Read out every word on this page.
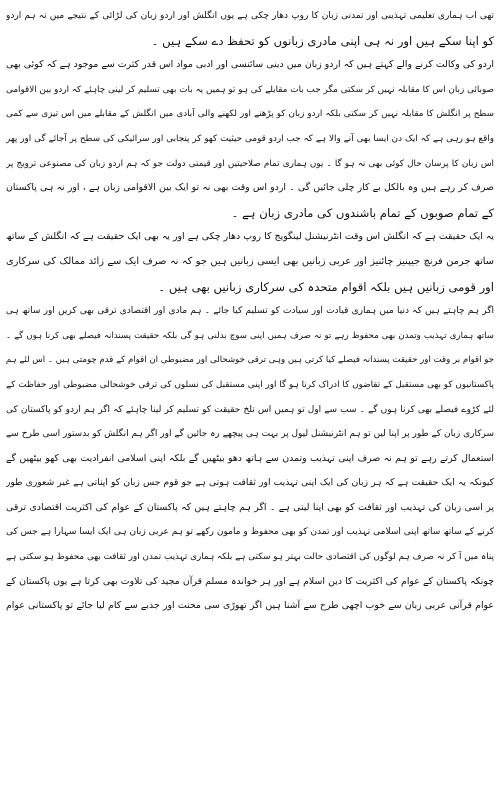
تھی اب ہماری تعلیمی تہذیبی اور تمدنی زبان کا روپ دھار چکی ہے یوں انگلش اور اردو زبان کی لڑائی کے نتیجے میں نہ ہم اردو
کو اپنا سکے ہیں اور نہ ہی اپنی مادری زبانوں کو تحفظ دے سکے ہیں ۔
اردو کی وکالت کرنے والے کہتے ہیں کہ اردو زبان میں دینی سائنسی اور ادبی مواد اس قدر کثرت سے موجود ہے کہ کوئی بھی
صوبائی زبان اس کا مقابلہ نہیں کر سکتی مگر جب بات مقابلے کی ہو تو ہمیں یہ بات بھی تسلیم کر لینی چاہئے کہ اردو بین الاقوامی
سطح پر انگلش کا مقابلہ نہیں کر سکتی بلکہ اردو زبان کو پڑھنے اور لکھنے والی آبادی میں انگلش کے مقابلے میں اس تیزی سے کمی
واقع ہو رہی ہے کہ ایک دن ایسا بھی آنے والا ہے کہ جب اردو قومی حیثیت کھو کر پنجابی اور سرائیکی کی سطح پر آجائے گی اور پھر
اس زبان کا پرسان حال کوئی بھی نہ ہو گا ۔ یوں ہماری تمام صلاحیتیں اور قیمتی دولت جو کہ ہم اردو زبان کی مصنوعی ترویج پر
صرف کر رہے ہیں وہ بالکل بے کار چلی جائیں گی ۔ اردو اس وقت بھی نہ تو ایک بین الاقوامی زبان ہے ، اور نہ ہی پاکستان
کے تمام صوبوں کے تمام باشندوں کی مادری زبان ہے ۔
یہ ایک حقیقت ہے کہ انگلش اس وقت انٹرنیشنل لینگویج کا روپ دھار چکی ہے اور یہ بھی ایک حقیقت ہے کہ انگلش کے ساتھ
ساتھ جرمن فرنچ جیپنیز چائنیز اور عربی زبانیں بھی ایسی زبانیں ہیں جو کہ نہ صرف ایک سے زائد ممالک کی سرکاری
اور قومی زبانیں ہیں بلکہ اقوام متحدہ کی سرکاری زبانیں بھی ہیں ۔
اگر ہم چاہتے ہیں کہ دنیا میں ہماری قیادت اور سیادت کو تسلیم کیا جائے ۔ ہم مادی اور اقتصادی ترقی بھی کریں اور ساتھ ہی
ساتھ ہماری تہذیب وتمدن بھی محفوظ رہے تو نہ صرف ہمیں اپنی سوچ بدلنی ہو گی بلکہ حقیقت پسندانہ فیصلے بھی کرنا ہوں گے ۔
جو اقوام بر وقت اور حقیقت پسندانہ فیصلے کیا کرتی ہیں وہی ترقی خوشحالی اور مضبوطی ان اقوام کے قدم چومتی ہیں ۔ اس لئے ہم
پاکستانیوں کو بھی مستقبل کے تقاضوں کا ادراک کرنا ہو گا اور اپنی مستقبل کی نسلوں کی ترقی خوشحالی مضبوطی اور حفاظت کے
لئے کڑوے فیصلے بھی کرنا ہوں گے ۔ سب سے اول تو ہمیں اس تلخ حقیقت کو تسلیم کر لینا چاہئے کہ اگر ہم اردو کو پاکستان کی
سرکاری زبان کے طور پر اپنا لیں تو ہم انٹرنیشنل لیول پر بہت ہی پیچھے رہ جائیں گے اور اگر ہم انگلش کو بدستور اسی طرح سے
استعمال کرتے رہے تو ہم نہ صرف اپنی تہذیب وتمدن سے ہاتھ دھو بیٹھیں گے بلکہ اپنی اسلامی انفرادیت بھی کھو بیٹھیں گے
کیونکہ یہ ایک حقیقت ہے کہ ہر زبان کی ایک اپنی تہذیب اور ثقافت ہوتی ہے جو قوم جس زبان کو اپناتی ہے غیر شعوری طور
پر اسی زبان کی تہذیب اور ثقافت کو بھی اپنا لیتی ہے ۔ اگر ہم چاہتے ہیں کہ پاکستان کے عوام کی اکثریت اقتصادی ترقی
کرنے کے ساتھ ساتھ اپنی اسلامی تہذیب اور تمدن کو بھی محفوظ و مامون رکھے تو ہم عربی زبان ہی ایک ایسا سہارا ہے جس کی
پناہ میں آ کر نہ صرف ہم لوگوں کی اقتصادی حالت بہتر ہو سکتی ہے بلکہ ہماری تہذیب تمدن اور ثقافت بھی محفوظ ہو سکتی ہے
چونکہ پاکستان کے عوام کی اکثریت کا دین اسلام ہے اور ہر خواندہ مسلم قرآن مجید کی تلاوت بھی کرتا ہے یوں پاکستان کے
عوام قرآنی عربی زبان سے خوب اچھی طرح سے آشنا ہیں اگر تھوڑی سی محنت اور جذبے سے کام لیا جائے تو پاکستانی عوام
